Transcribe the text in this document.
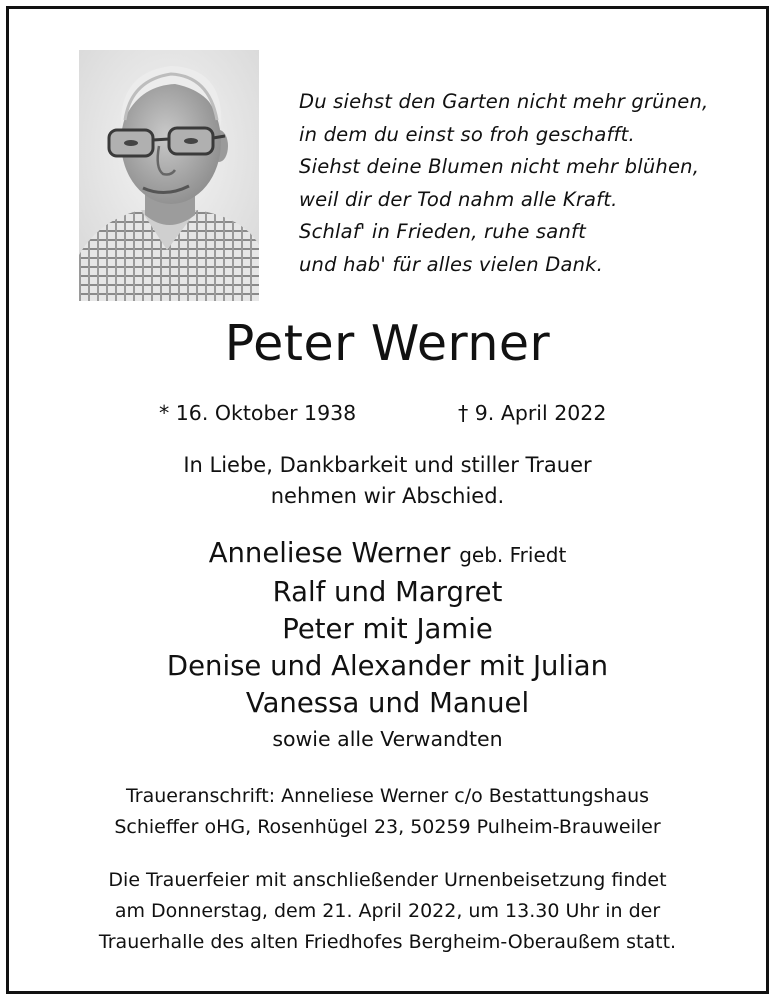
Du siehst den Garten nicht mehr grünen,
in dem du einst so froh geschafft.
Siehst deine Blumen nicht mehr blühen,
weil dir der Tod nahm alle Kraft.
Schlaf' in Frieden, ruhe sanft
und hab' für alles vielen Dank.
Peter Werner
* 16. Oktober 1938	† 9. April 2022
In Liebe, Dankbarkeit und stiller Trauer
nehmen wir Abschied.
Anneliese Werner geb. Friedt
Ralf und Margret
Peter mit Jamie
Denise und Alexander mit Julian
Vanessa und Manuel
sowie alle Verwandten
Traueranschrift: Anneliese Werner c/o Bestattungshaus
Schieffer oHG, Rosenhügel 23, 50259 Pulheim-Brauweiler
Die Trauerfeier mit anschließender Urnenbeisetzung findet
am Donnerstag, dem 21. April 2022, um 13.30 Uhr in der
Trauerhalle des alten Friedhofes Bergheim-Oberaußem statt.
